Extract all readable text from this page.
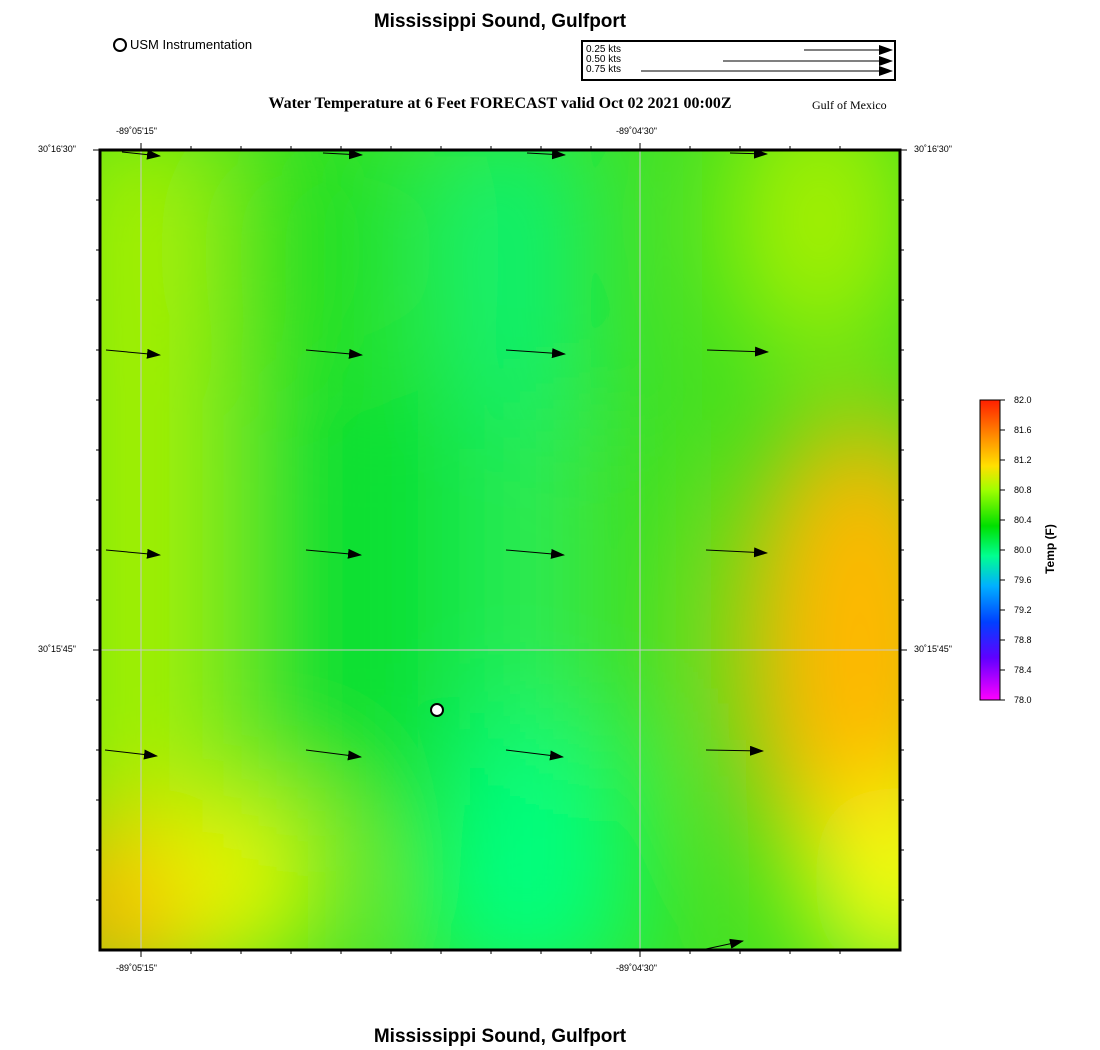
Mississippi Sound, Gulfport
USM Instrumentation
Water Temperature at 6 Feet FORECAST valid Oct 02 2021 00:00Z	Gulf of Mexico
0.25 kts
0.50 kts
0.75 kts
-89˚05'15"	-89˚04'30"
-89˚05'15"	-89˚04'30"
30˚16'30"
30˚15'45"
30˚16'30"
30˚15'45"
82.0
81.6
81.2
80.8
80.4
80.0
79.6
79.2
78.8
78.4
78.0
Temp (F)
Mississippi Sound, Gulfport
